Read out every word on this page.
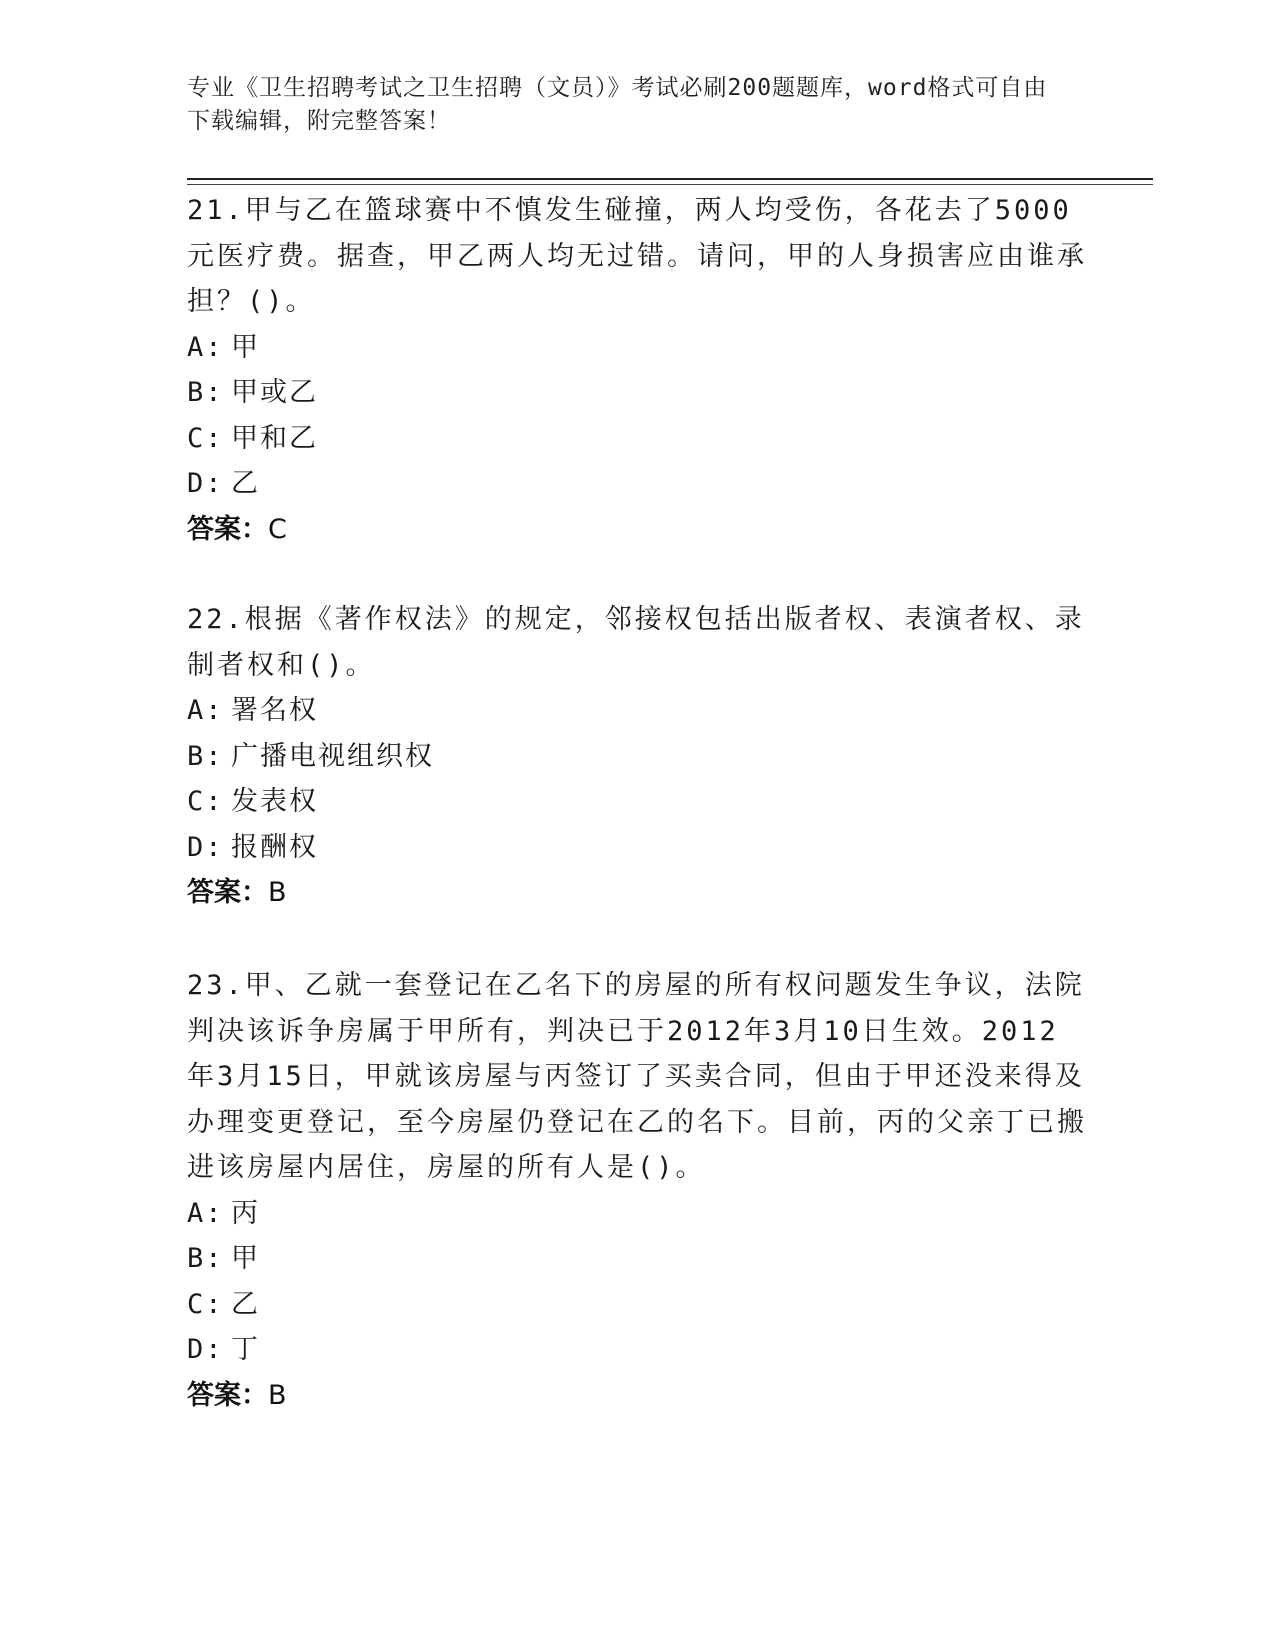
专业《卫生招聘考试之卫生招聘（文员）》考试必刷200题题库，word格式可自由下载编辑，附完整答案！

21.甲与乙在篮球赛中不慎发生碰撞，两人均受伤，各花去了5000元医疗费。据查，甲乙两人均无过错。请问，甲的人身损害应由谁承担？()。

A: 甲
B: 甲或乙
C: 甲和乙
D: 乙
答案：C

22.根据《著作权法》的规定，邻接权包括出版者权、表演者权、录制者权和()。

A: 署名权
B: 广播电视组织权
C: 发表权
D: 报酬权
答案：B

23.甲、乙就一套登记在乙名下的房屋的所有权问题发生争议，法院判决该诉争房属于甲所有，判决已于2012年3月10日生效。2012年3月15日，甲就该房屋与丙签订了买卖合同，但由于甲还没来得及办理变更登记，至今房屋仍登记在乙的名下。目前，丙的父亲丁已搬进该房屋内居住，房屋的所有人是()。

A: 丙
B: 甲
C: 乙
D: 丁
答案：B
